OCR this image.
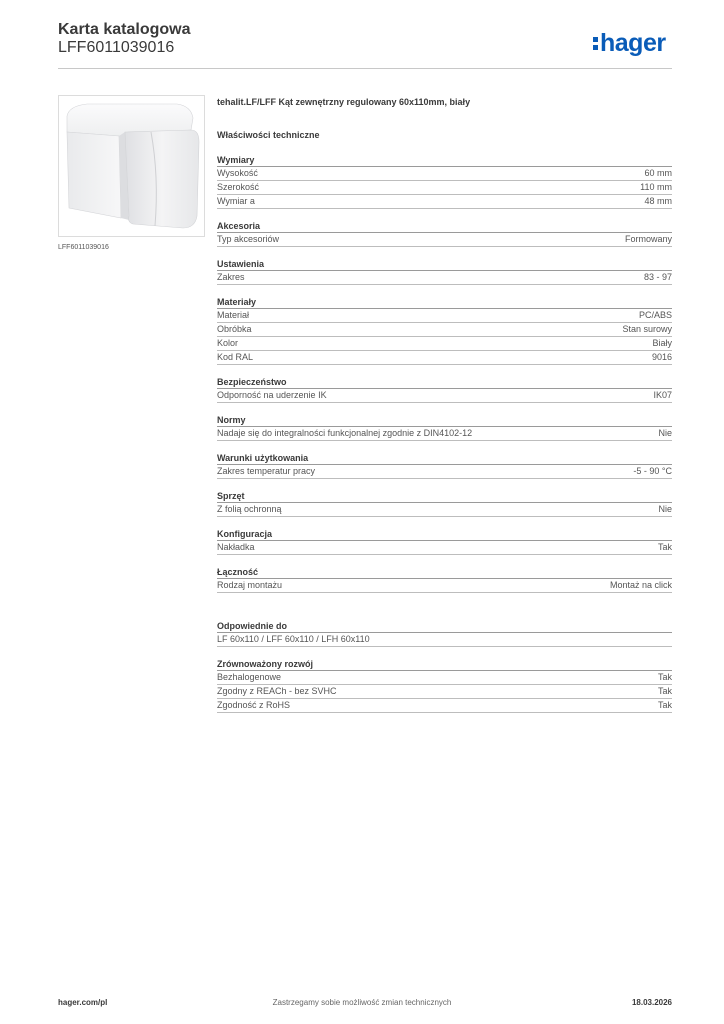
Karta katalogowa
LFF6011039016	hager
LFF6011039016
tehalit.LF/LFF Kąt zewnętrzny regulowany 60x110mm, biały
Właściwości techniczne
Wymiary
Wysokość	60 mm
Szerokość	110 mm
Wymiar a	48 mm
Akcesoria
Typ akcesoriów	Formowany
Ustawienia
Zakres	83 - 97
Materiały
Materiał	PC/ABS
Obróbka	Stan surowy
Kolor	Biały
Kod RAL	9016
Bezpieczeństwo
Odporność na uderzenie IK	IK07
Normy
Nadaje się do integralności funkcjonalnej zgodnie z DIN4102-12	Nie
Warunki użytkowania
Zakres temperatur pracy	-5 - 90 °C
Sprzęt
Z folią ochronną	Nie
Konfiguracja
Nakładka	Tak
Łączność
Rodzaj montażu	Montaż na click
Odpowiednie do
LF 60x110 / LFF 60x110 / LFH 60x110
Zrównoważony rozwój
Bezhalogenowe	Tak
Zgodny z REACh - bez SVHC	Tak
Zgodność z RoHS	Tak
hager.com/pl	Zastrzegamy sobie możliwość zmian technicznych	18.03.2026
